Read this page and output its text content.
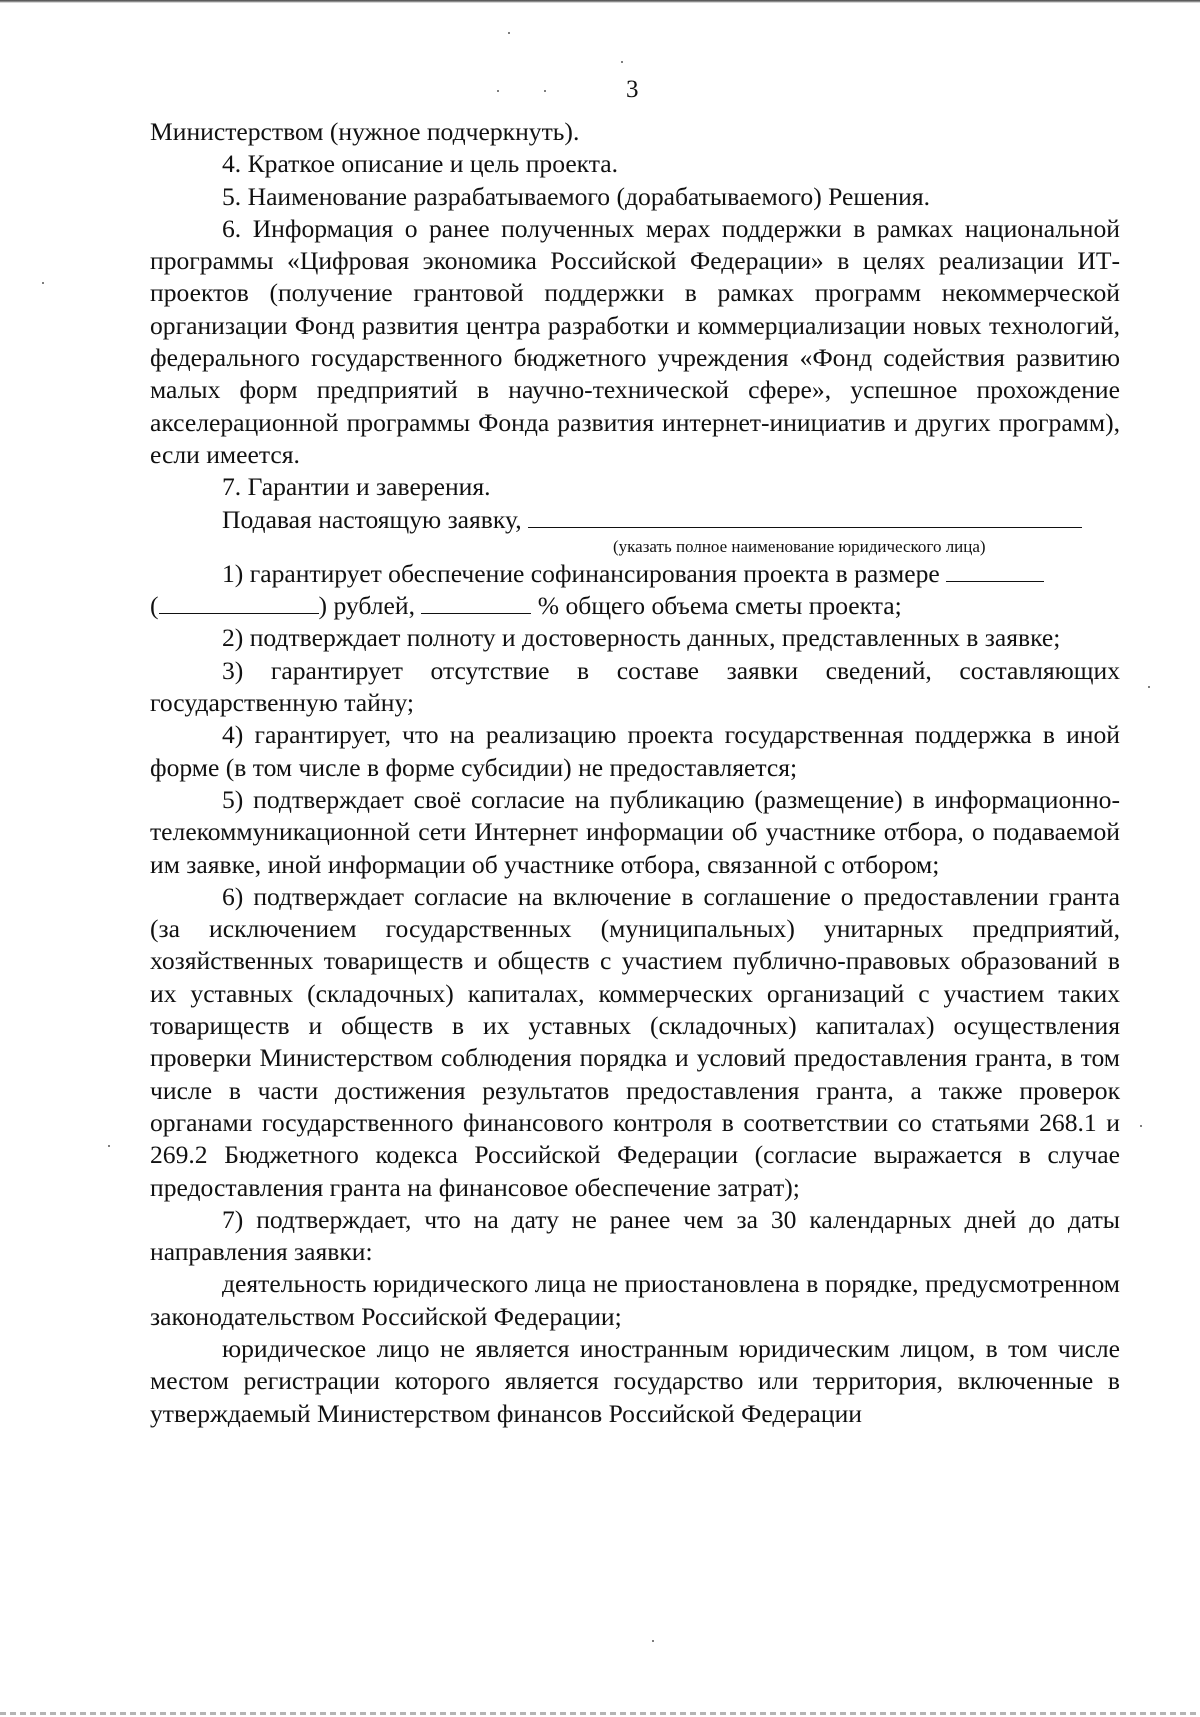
3

Министерством (нужное подчеркнуть).

4. Краткое описание и цель проекта.

5. Наименование разрабатываемого (дорабатываемого) Решения.

6. Информация о ранее полученных мерах поддержки в рамках национальной программы «Цифровая экономика Российской Федерации» в целях реализации ИТ-проектов (получение грантовой поддержки в рамках программ некоммерческой организации Фонд развития центра разработки и коммерциализации новых технологий, федерального государственного бюджетного учреждения «Фонд содействия развитию малых форм предприятий в научно-технической сфере», успешное прохождение акселерационной программы Фонда развития интернет-инициатив и других программ), если имеется.

7. Гарантии и заверения.

Подавая настоящую заявку,

(указать полное наименование юридического лица)

1) гарантирует обеспечение софинансирования проекта в размере

(	) рублей,	% общего объема сметы проекта;

2) подтверждает полноту и достоверность данных, представленных в заявке;

3) гарантирует отсутствие в составе заявки сведений, составляющих государственную тайну;

4) гарантирует, что на реализацию проекта государственная поддержка в иной форме (в том числе в форме субсидии) не предоставляется;

5) подтверждает своё согласие на публикацию (размещение) в информационно-телекоммуникационной сети Интернет информации об участнике отбора, о подаваемой им заявке, иной информации об участнике отбора, связанной с отбором;

6) подтверждает согласие на включение в соглашение о предоставлении гранта (за исключением государственных (муниципальных) унитарных предприятий, хозяйственных товариществ и обществ с участием публично-правовых образований в их уставных (складочных) капиталах, коммерческих организаций с участием таких товариществ и обществ в их уставных (складочных) капиталах) осуществления проверки Министерством соблюдения порядка и условий предоставления гранта, в том числе в части достижения результатов предоставления гранта, а также проверок органами государственного финансового контроля в соответствии со статьями 268.1 и 269.2 Бюджетного кодекса Российской Федерации (согласие выражается в случае предоставления гранта на финансовое обеспечение затрат);

7) подтверждает, что на дату не ранее чем за 30 календарных дней до даты направления заявки:

деятельность юридического лица не приостановлена в порядке, предусмотренном законодательством Российской Федерации;

юридическое лицо не является иностранным юридическим лицом, в том числе местом регистрации которого является государство или территория, включенные в утверждаемый Министерством финансов Российской Федерации
